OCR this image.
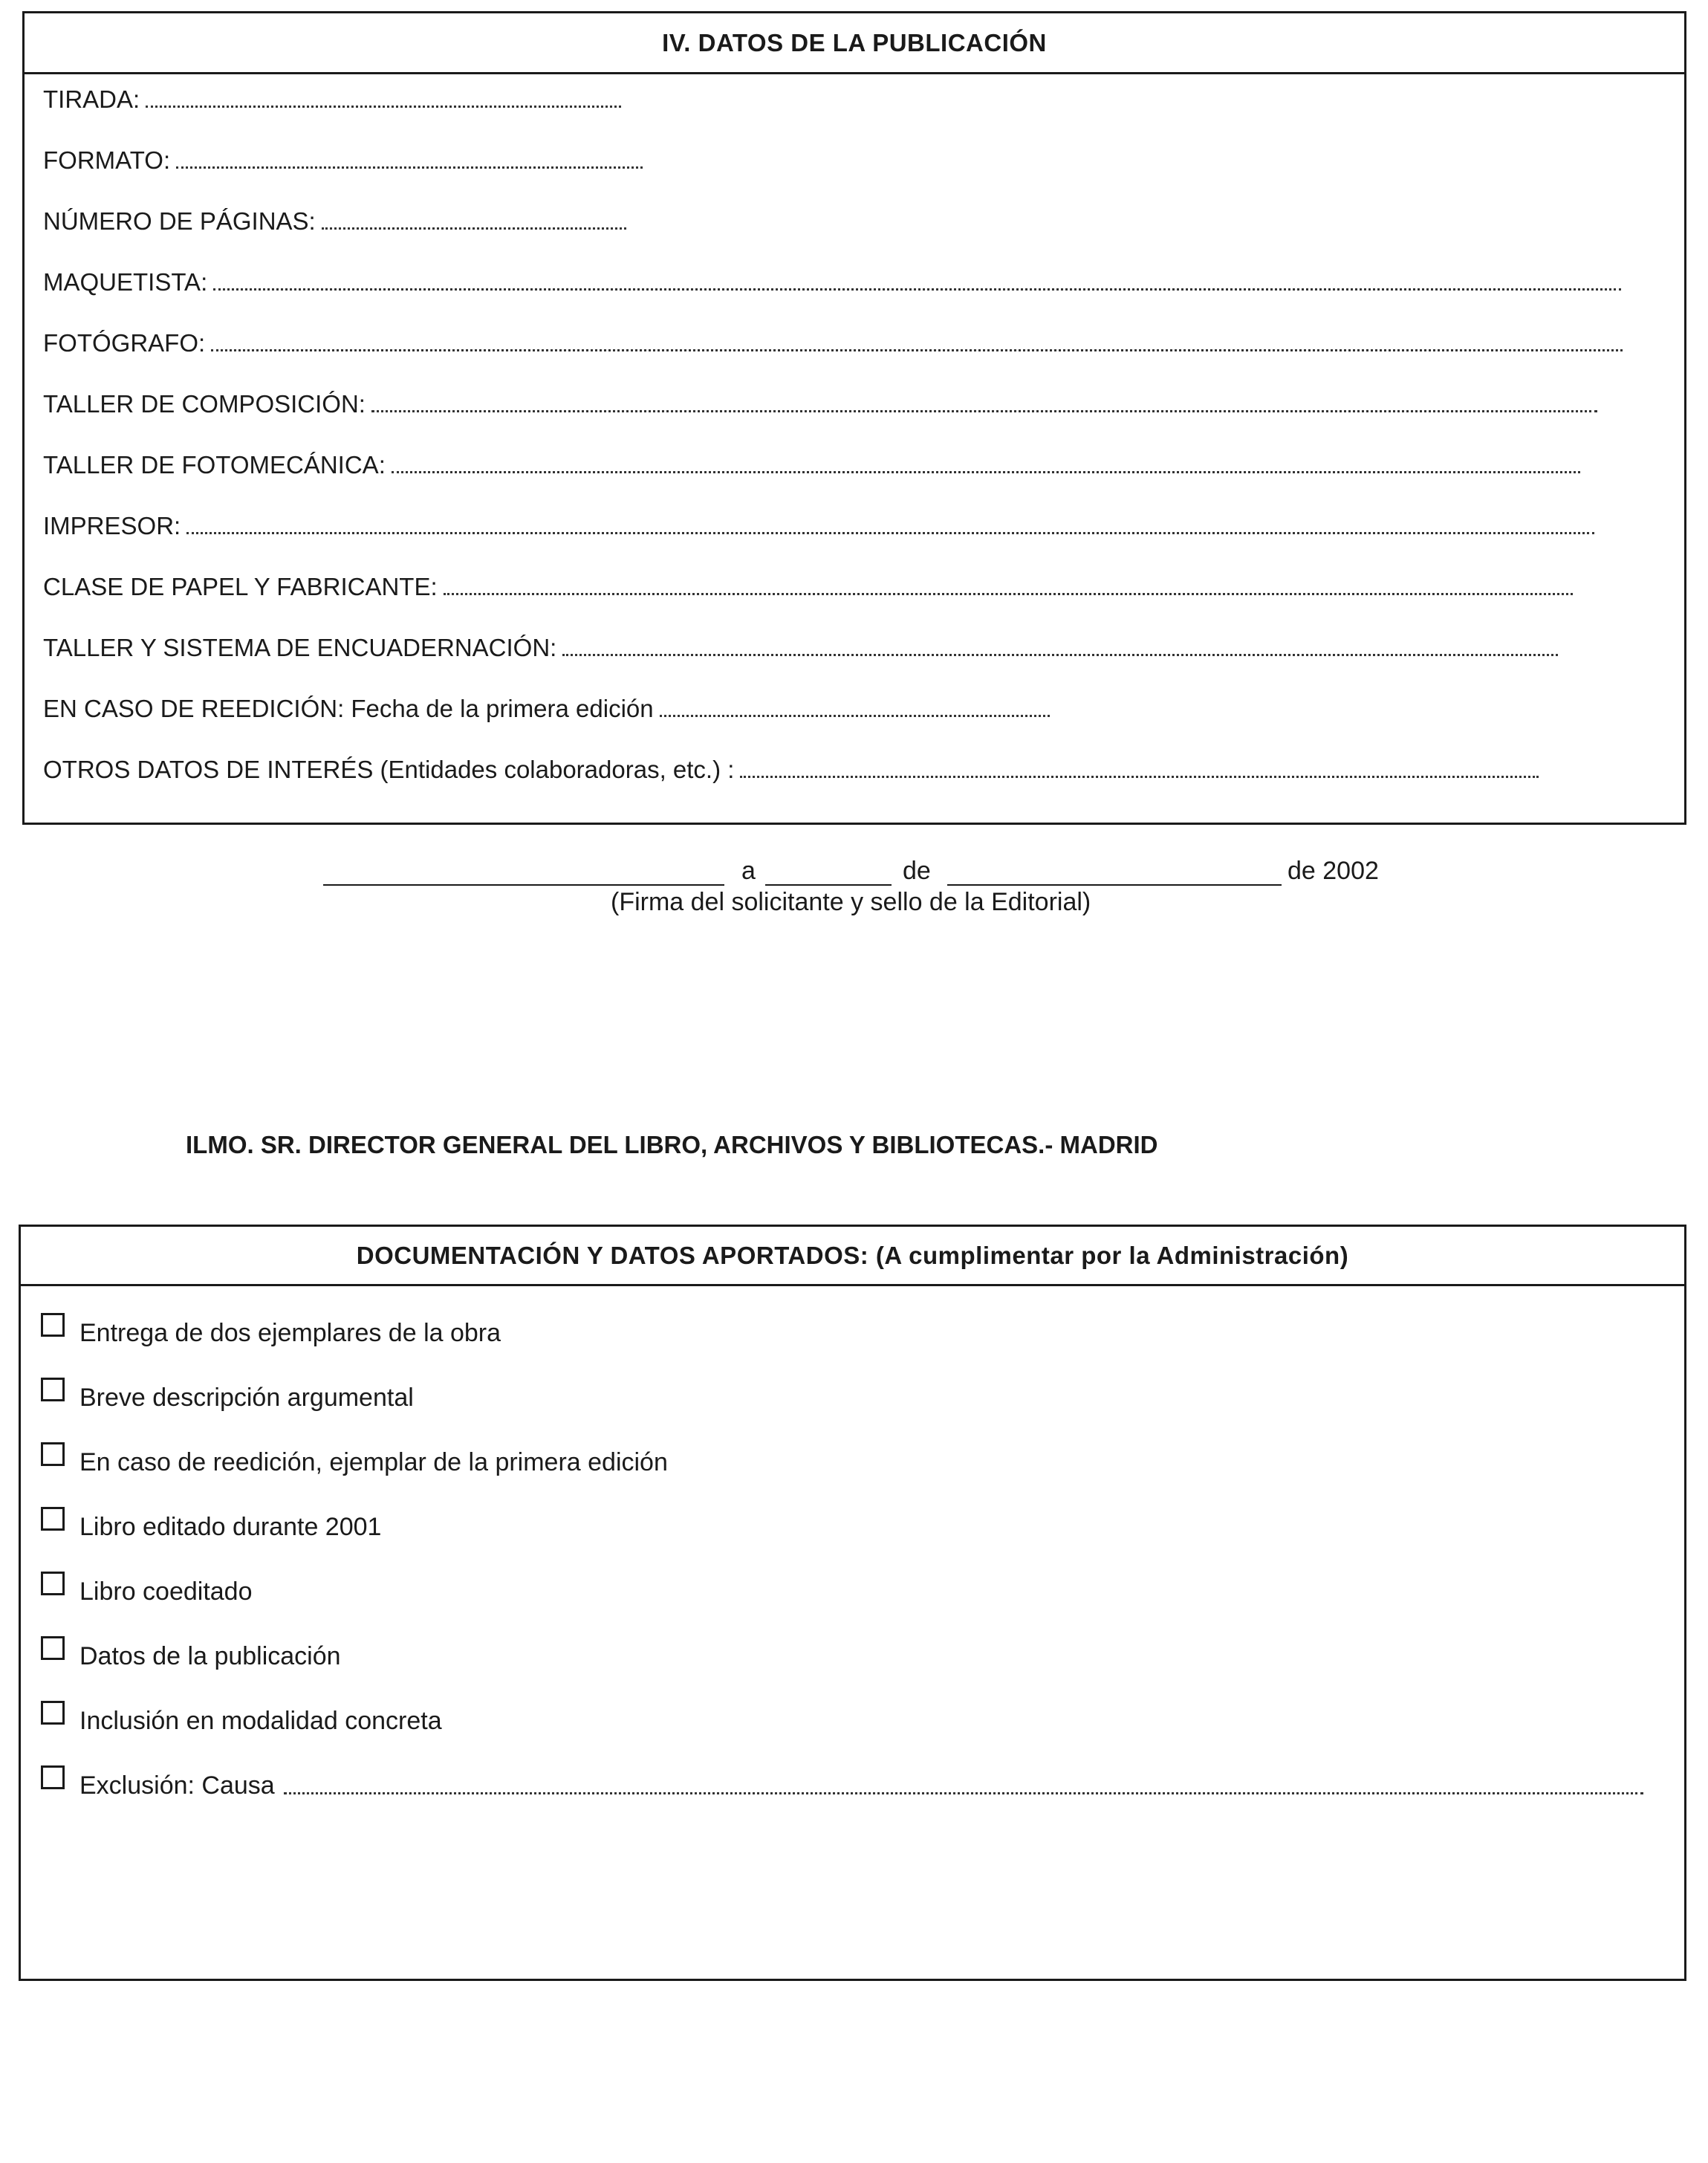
IV. DATOS DE LA PUBLICACIÓN
TIRADA:
FORMATO:
NÚMERO DE PÁGINAS:
MAQUETISTA:
FOTÓGRAFO:
TALLER DE COMPOSICIÓN:
TALLER DE FOTOMECÁNICA:
IMPRESOR:
CLASE DE PAPEL Y FABRICANTE:
TALLER Y SISTEMA DE ENCUADERNACIÓN:
EN CASO DE REEDICIÓN: Fecha de la primera edición
OTROS DATOS DE INTERÉS (Entidades colaboradoras, etc.) :
a	de	de 2002
(Firma del solicitante y sello de la Editorial)
ILMO. SR. DIRECTOR GENERAL DEL LIBRO, ARCHIVOS Y BIBLIOTECAS.- MADRID
DOCUMENTACIÓN Y DATOS APORTADOS: (A cumplimentar por la Administración)
Entrega de dos ejemplares de la obra
Breve descripción argumental
En caso de reedición, ejemplar de la primera edición
Libro editado durante 2001
Libro coeditado
Datos de la publicación
Inclusión en modalidad concreta
Exclusión: Causa
